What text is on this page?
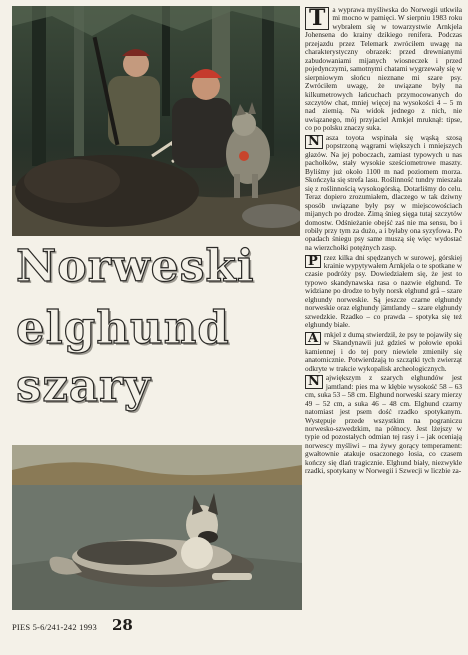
Norweski
elghund
szary

T a wyprawa myśliwska do Norwegii utkwiła mi mocno w pamięci. W sierpniu 1983 roku wybrałem się w towarzystwie Arnkjela Johensena do krainy dzikiego renifera. Podczas przejazdu przez Telemark zwróciłem uwagę na charakterystyczny obrazek: przed drewnianymi zabudowaniami mijanych wiosneczek i przed pojedynczymi, samotnymi chatami wygrzewały się w sierpniowym słońcu nieznane mi szare psy. Zwróciłem uwagę, że uwiązane były na kilkumetrowych łańcuchach przymocowanych do szczytów chat, mniej więcej na wysokości 4 – 5 m nad ziemią. Na widok jednego z nich, nie uwiązanego, mój przyjaciel Arnkjel mruknął: tipse, co po polsku znaczy suka.

N asza toyota wspinała się wąską szosą popstrzoną wągrami większych i mniejszych głazów. Na jej poboczach, zamiast typowych u nas pachołków, stały wysokie sześciometrowe maszty. Byliśmy już około 1100 m nad poziomem morza. Skończyła się strefa lasu. Roślinność tundry mieszała się z roślinnością wysokogórską. Dotarliśmy do celu. Teraz dopiero zrozumiałem, dlaczego w tak dziwny sposób uwiązane były psy w miejscowościach mijanych po drodze. Zimą śnieg sięga tutaj szczytów domostw. Odśnieżanie obejść zaś nie ma sensu, bo i robiły przy tym za dużo, a i byłaby ona syzyfowa. Po opadach śniegu psy same muszą się więc wydostać na wierzchołki potężnych zasp.

P rzez kilka dni spędzanych w surowej, górskiej krainie wypytywałem Arnkjela o te spotkane w czasie podróży psy. Dowiedziałem się, że jest to typowo skandynawska rasa o nazwie elghund. Te widziane po drodze to były norsk elghund grå – szare elghundy norweskie. Są jeszcze czarne elghundy norweskie oraz elghundy jämtlandy – szare elghundy szwedzkie. Rzadko – co prawda – spotyka się też elghundy białe.

A rnkjel z dumą stwierdził, że psy te pojawiły się w Skandynawii już gdzieś w połowie epoki kamiennej i do tej pory niewiele zmieniły się anatomicznie. Potwierdzają to szczątki tych zwierząt odkryte w trakcie wykopalisk archeologicznych.

N ajwiększym z szarych elghundów jest jamtland: pies ma w kłębie wysokość 58 – 63 cm, suka 53 – 58 cm. Elghund norweski szary mierzy 49 – 52 cm, a suka 46 – 48 cm. Elghund czarny natomiast jest psem dość rzadko spotykanym. Występuje przede wszystkim na pograniczu norwesko-szwedzkim, na północy. Jest lżejszy w typie od pozostałych odmian tej rasy i – jak oceniają norwescy myśliwi – ma żywy gorący temperament: gwałtownie atakuje osaczonego łosia, co czasem kończy się dlań tragicznie. Elghund biały, niezwykle rzadki, spotykany w Norwegii i Szwecji w liczbie za-

PIES 5-6/241-242 1993 28
